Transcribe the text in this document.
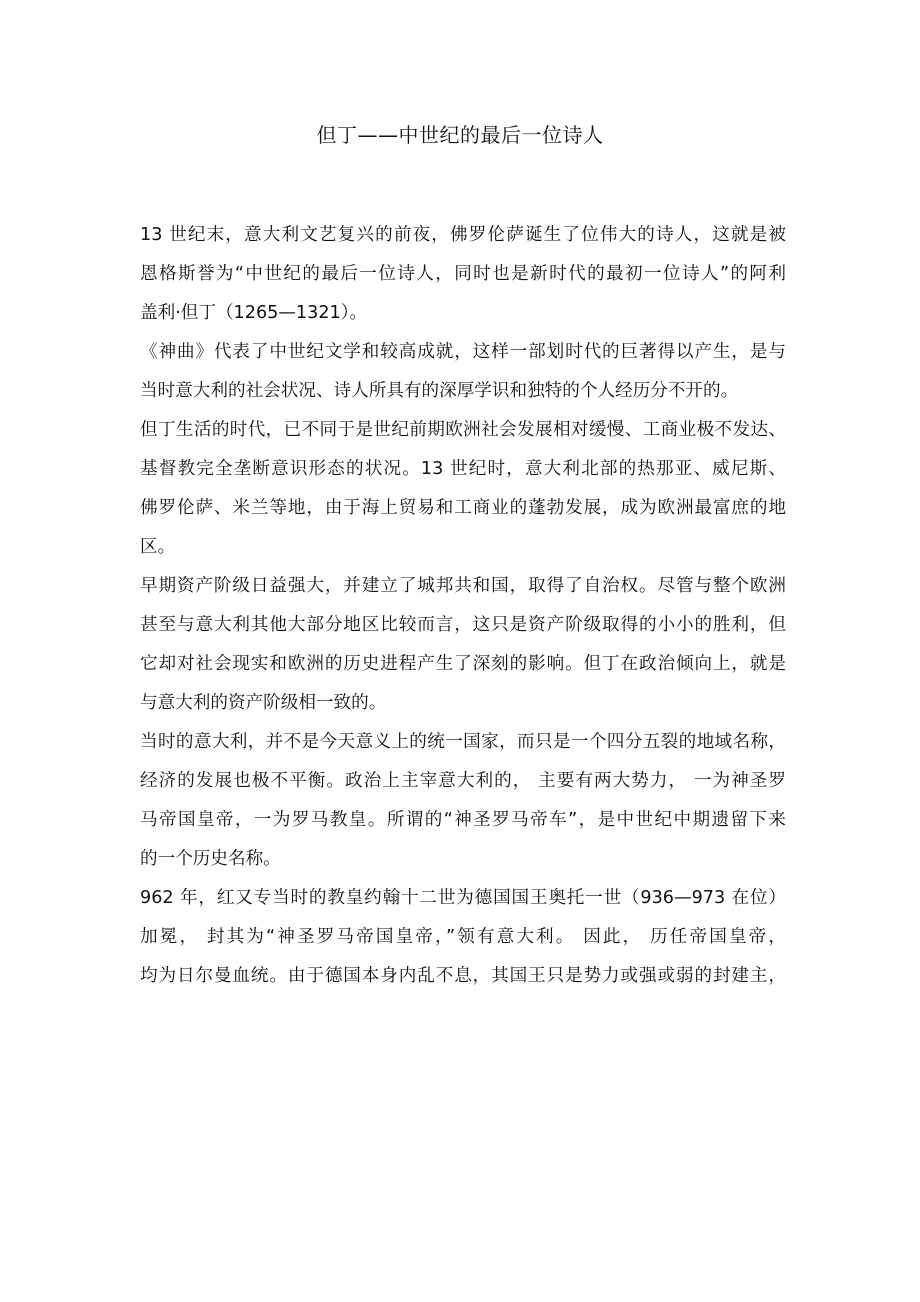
但丁——中世纪的最后一位诗人
13 世纪末，意大利文艺复兴的前夜，佛罗伦萨诞生了位伟大的诗人，这就是被
恩格斯誉为“中世纪的最后一位诗人，同时也是新时代的最初一位诗人”的阿利
盖利·但丁（1265—1321）。
《神曲》代表了中世纪文学和较高成就，这样一部划时代的巨著得以产生，是与
当时意大利的社会状况、诗人所具有的深厚学识和独特的个人经历分不开的。
但丁生活的时代，已不同于是世纪前期欧洲社会发展相对缓慢、工商业极不发达、
基督教完全垄断意识形态的状况。13 世纪时，意大利北部的热那亚、威尼斯、
佛罗伦萨、米兰等地，由于海上贸易和工商业的蓬勃发展，成为欧洲最富庶的地
区。
早期资产阶级日益强大，并建立了城邦共和国，取得了自治权。尽管与整个欧洲
甚至与意大利其他大部分地区比较而言，这只是资产阶级取得的小小的胜利，但
它却对社会现实和欧洲的历史进程产生了深刻的影响。但丁在政治倾向上，就是
与意大利的资产阶级相一致的。
当时的意大利，并不是今天意义上的统一国家，而只是一个四分五裂的地域名称，
经济的发展也极不平衡。政治上主宰意大利的， 主要有两大势力， 一为神圣罗
马帝国皇帝，一为罗马教皇。所谓的“神圣罗马帝车”，是中世纪中期遗留下来
的一个历史名称。
962 年，红又专当时的教皇约翰十二世为德国国王奥托一世（936—973 在位）
加冕， 封其为“神圣罗马帝国皇帝，”领有意大利。 因此， 历任帝国皇帝，
均为日尔曼血统。由于德国本身内乱不息，其国王只是势力或强或弱的封建主，
